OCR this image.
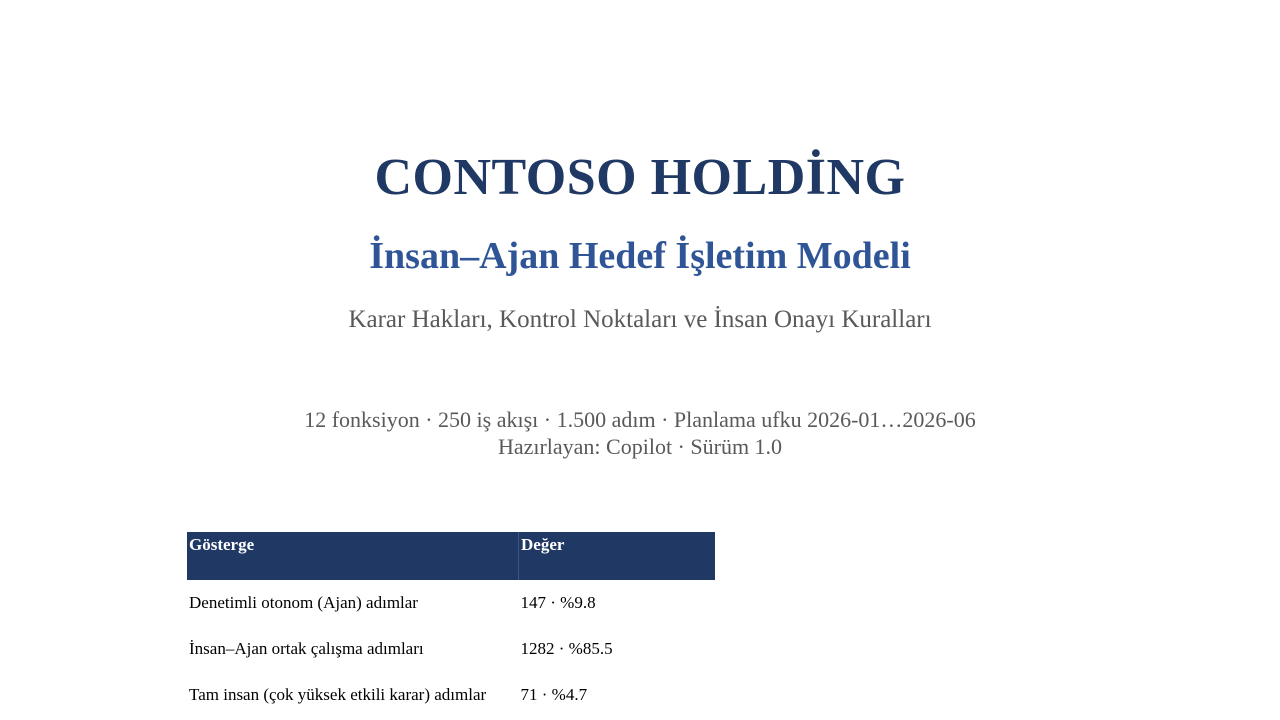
CONTOSO HOLDİNG
İnsan–Ajan Hedef İşletim Modeli
Karar Hakları, Kontrol Noktaları ve İnsan Onayı Kuralları
12 fonksiyon · 250 iş akışı · 1.500 adım · Planlama ufku 2026-01…2026-06
Hazırlayan: Copilot · Sürüm 1.0
Gösterge	Değer
Denetimli otonom (Ajan) adımlar	147 · %9.8
İnsan–Ajan ortak çalışma adımları	1282 · %85.5
Tam insan (çok yüksek etkili karar) adımlar	71 · %4.7
